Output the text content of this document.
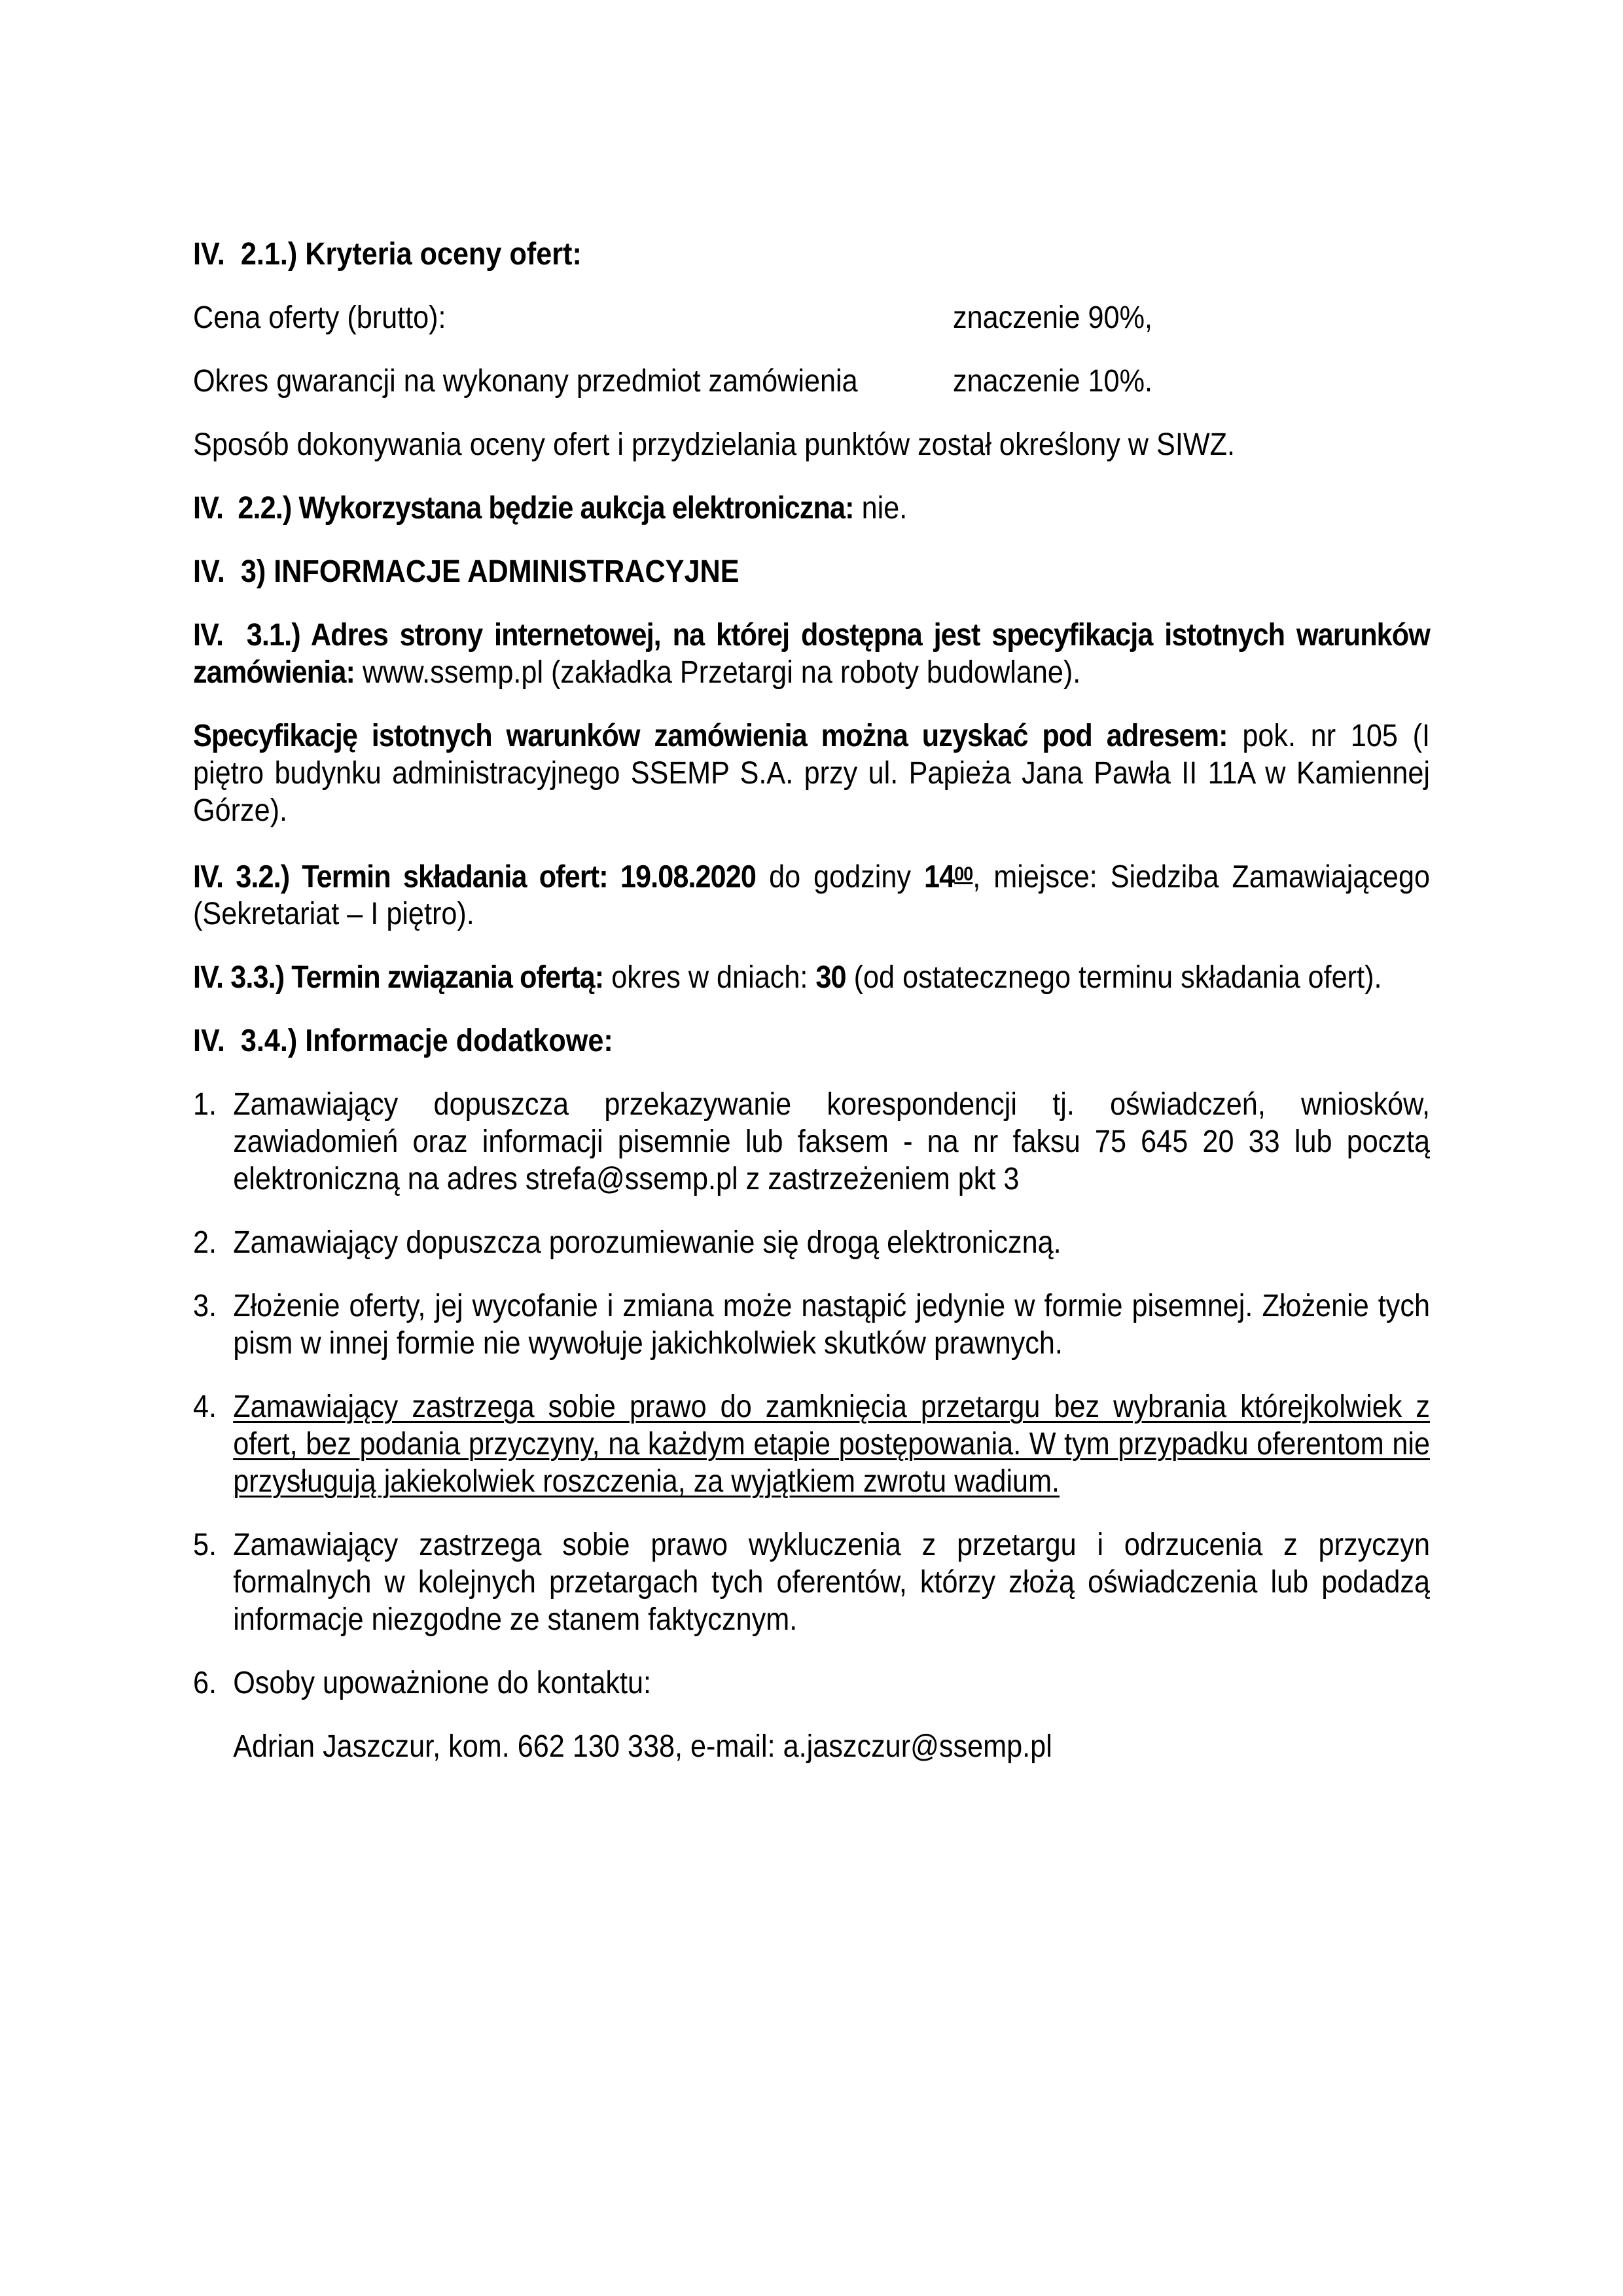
IV.  2.1.) Kryteria oceny ofert:

Cena oferty (brutto):	znaczenie 90%,
Okres gwarancji na wykonany przedmiot zamówienia	znaczenie 10%.

Sposób dokonywania oceny ofert i przydzielania punktów został określony w SIWZ.

IV.  2.2.) Wykorzystana będzie aukcja elektroniczna: nie.

IV.  3) INFORMACJE ADMINISTRACYJNE

IV.  3.1.) Adres strony internetowej, na której dostępna jest specyfikacja istotnych warunków zamówienia: www.ssemp.pl (zakładka Przetargi na roboty budowlane).

Specyfikację istotnych warunków zamówienia można uzyskać pod adresem: pok. nr 105 (I piętro budynku administracyjnego SSEMP S.A. przy ul. Papieża Jana Pawła II 11A w Kamiennej Górze).

IV. 3.2.) Termin składania ofert: 19.08.2020 do godziny $14^{00}$, miejsce: Siedziba Zamawiającego (Sekretariat – I piętro).

IV. 3.3.) Termin związania ofertą: okres w dniach: 30 (od ostatecznego terminu składania ofert).

IV.  3.4.) Informacje dodatkowe:

1. Zamawiający dopuszcza przekazywanie korespondencji tj. oświadczeń, wniosków, zawiadomień oraz informacji pisemnie lub faksem - na nr faksu 75 645 20 33 lub pocztą elektroniczną na adres strefa@ssemp.pl z zastrzeżeniem pkt 3
2. Zamawiający dopuszcza porozumiewanie się drogą elektroniczną.
3. Złożenie oferty, jej wycofanie i zmiana może nastąpić jedynie w formie pisemnej. Złożenie tych pism w innej formie nie wywołuje jakichkolwiek skutków prawnych.
4. Zamawiający zastrzega sobie prawo do zamknięcia przetargu bez wybrania którejkolwiek z ofert, bez podania przyczyny, na każdym etapie postępowania. W tym przypadku oferentom nie przysługują jakiekolwiek roszczenia, za wyjątkiem zwrotu wadium.
5. Zamawiający zastrzega sobie prawo wykluczenia z przetargu i odrzucenia z przyczyn formalnych w kolejnych przetargach tych oferentów, którzy złożą oświadczenia lub podadzą informacje niezgodne ze stanem faktycznym.
6. Osoby upoważnione do kontaktu:

Adrian Jaszczur, kom. 662 130 338, e-mail: a.jaszczur@ssemp.pl
